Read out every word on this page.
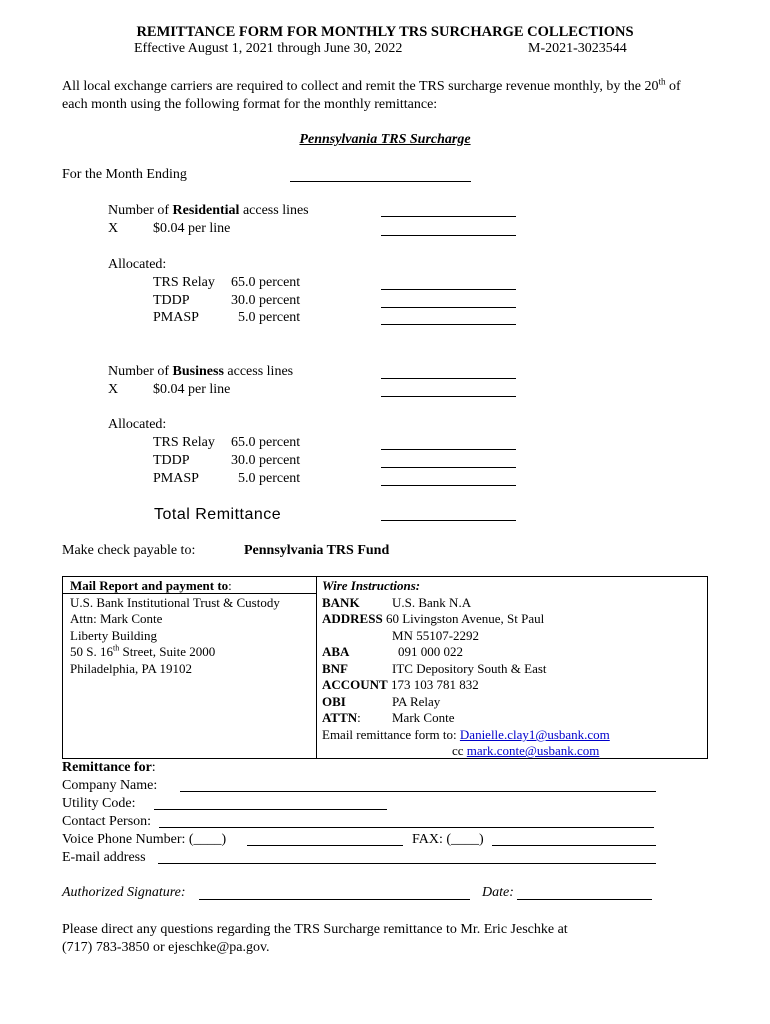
REMITTANCE FORM FOR MONTHLY TRS SURCHARGE COLLECTIONS
Effective August 1, 2021 through June 30, 2022	M-2021-3023544
All local exchange carriers are required to collect and remit the TRS surcharge revenue monthly, by the 20th of each month using the following format for the monthly remittance:
Pennsylvania TRS Surcharge
For the Month Ending
Number of Residential access lines
X $0.04 per line
Allocated:
TRS Relay 65.0 percent
TDDP	30.0 percent
PMASP	5.0 percent
Number of Business access lines
X $0.04 per line
Allocated:
TRS Relay 65.0 percent
TDDP	30.0 percent
PMASP	5.0 percent
Total Remittance
Make check payable to:	Pennsylvania TRS Fund
Mail Report and payment to:
U.S. Bank Institutional Trust & Custody
Attn: Mark Conte
Liberty Building
50 S. 16th Street, Suite 2000
Philadelphia, PA 19102
Wire Instructions:
BANK U.S. Bank N.A
ADDRESS 60 Livingston Avenue, St Paul
MN 55107-2292
ABA	091 000 022
BNF	ITC Depository South & East
ACCOUNT 173 103 781 832
OBI	PA Relay
ATTN: Mark Conte
Email remittance form to: Danielle.clay1@usbank.com
cc mark.conte@usbank.com
Remittance for:
Company Name:
Utility Code:
Contact Person:
Voice Phone Number: (____)	FAX: (____)
E-mail address
Authorized Signature:	Date:
Please direct any questions regarding the TRS Surcharge remittance to Mr. Eric Jeschke at
(717) 783-3850 or ejeschke@pa.gov.
